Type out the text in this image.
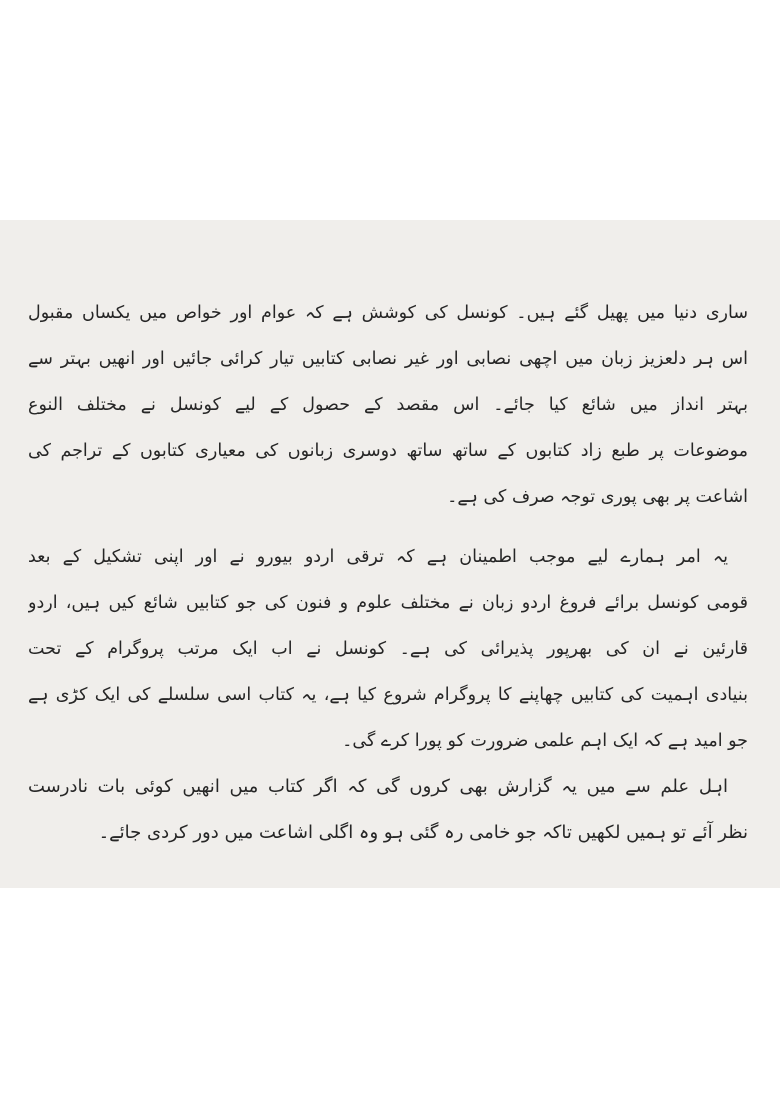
ساری دنیا میں پھیل گئے ہیں۔ کونسل کی کوشش ہے کہ عوام اور خواص میں یکساں مقبول
اس ہر دلعزیز زبان میں اچھی نصابی اور غیر نصابی کتابیں تیار کرائی جائیں اور انھیں بہتر سے
بہتر انداز میں شائع کیا جائے۔ اس مقصد کے حصول کے لیے کونسل نے مختلف النوع
موضوعات پر طبع زاد کتابوں کے ساتھ ساتھ دوسری زبانوں کی معیاری کتابوں کے تراجم کی
اشاعت پر بھی پوری توجہ صرف کی ہے۔

یہ امر ہمارے لیے موجب اطمینان ہے کہ ترقی اردو بیورو نے اور اپنی تشکیل کے بعد
قومی کونسل برائے فروغ اردو زبان نے مختلف علوم و فنون کی جو کتابیں شائع کیں ہیں، اردو
قارئین نے ان کی بھرپور پذیرائی کی ہے۔ کونسل نے اب ایک مرتب پروگرام کے تحت
بنیادی اہمیت کی کتابیں چھاپنے کا پروگرام شروع کیا ہے، یہ کتاب اسی سلسلے کی ایک کڑی ہے
جو امید ہے کہ ایک اہم علمی ضرورت کو پورا کرے گی۔

اہل علم سے میں یہ گزارش بھی کروں گی کہ اگر کتاب میں انھیں کوئی بات نادرست
نظر آئے تو ہمیں لکھیں تاکہ جو خامی رہ گئی ہو وہ اگلی اشاعت میں دور کردی جائے۔
